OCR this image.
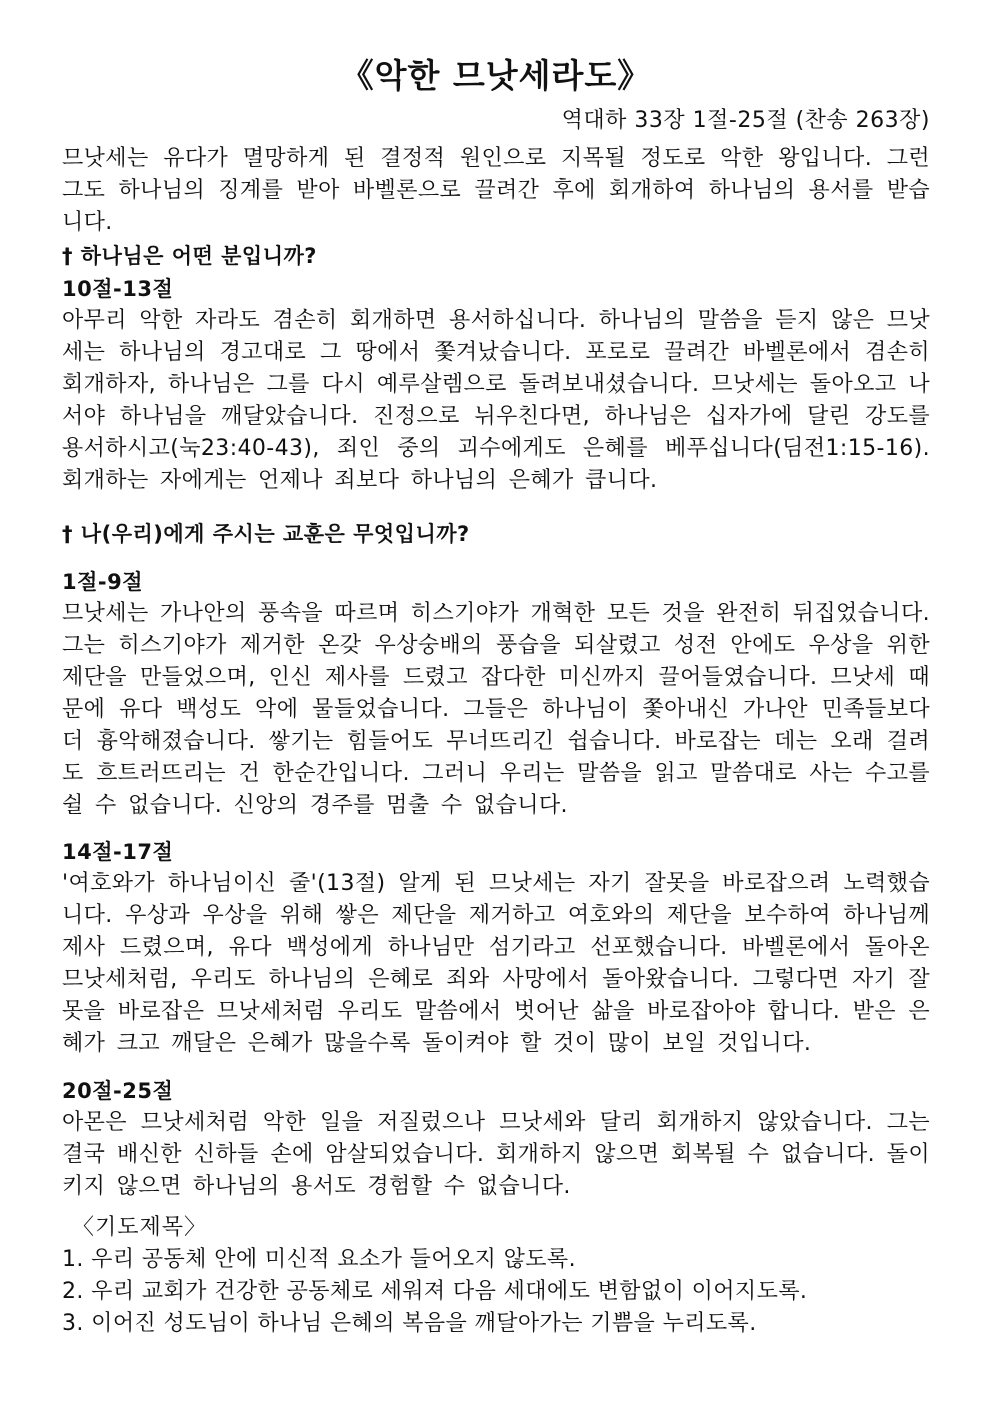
《악한 므낫세라도》
역대하 33장 1절-25절 (찬송 263장)

므낫세는 유다가 멸망하게 된 결정적 원인으로 지목될 정도로 악한 왕입니다. 그런 그도 하나님의 징계를 받아 바벨론으로 끌려간 후에 회개하여 하나님의 용서를 받습니다.

† 하나님은 어떤 분입니까?

10절-13절

아무리 악한 자라도 겸손히 회개하면 용서하십니다. 하나님의 말씀을 듣지 않은 므낫세는 하나님의 경고대로 그 땅에서 쫓겨났습니다. 포로로 끌려간 바벨론에서 겸손히 회개하자, 하나님은 그를 다시 예루살렘으로 돌려보내셨습니다. 므낫세는 돌아오고 나서야 하나님을 깨달았습니다. 진정으로 뉘우친다면, 하나님은 십자가에 달린 강도를 용서하시고(눅23:40-43), 죄인 중의 괴수에게도 은혜를 베푸십니다(딤전1:15-16). 회개하는 자에게는 언제나 죄보다 하나님의 은혜가 큽니다.

† 나(우리)에게 주시는 교훈은 무엇입니까?

1절-9절

므낫세는 가나안의 풍속을 따르며 히스기야가 개혁한 모든 것을 완전히 뒤집었습니다. 그는 히스기야가 제거한 온갖 우상숭배의 풍습을 되살렸고 성전 안에도 우상을 위한 제단을 만들었으며, 인신 제사를 드렸고 잡다한 미신까지 끌어들였습니다. 므낫세 때문에 유다 백성도 악에 물들었습니다. 그들은 하나님이 쫓아내신 가나안 민족들보다 더 흉악해졌습니다. 쌓기는 힘들어도 무너뜨리긴 쉽습니다. 바로잡는 데는 오래 걸려도 흐트러뜨리는 건 한순간입니다. 그러니 우리는 말씀을 읽고 말씀대로 사는 수고를 쉴 수 없습니다. 신앙의 경주를 멈출 수 없습니다.

14절-17절

'여호와가 하나님이신 줄'(13절) 알게 된 므낫세는 자기 잘못을 바로잡으려 노력했습니다. 우상과 우상을 위해 쌓은 제단을 제거하고 여호와의 제단을 보수하여 하나님께 제사 드렸으며, 유다 백성에게 하나님만 섬기라고 선포했습니다. 바벨론에서 돌아온 므낫세처럼, 우리도 하나님의 은혜로 죄와 사망에서 돌아왔습니다. 그렇다면 자기 잘못을 바로잡은 므낫세처럼 우리도 말씀에서 벗어난 삶을 바로잡아야 합니다. 받은 은혜가 크고 깨달은 은혜가 많을수록 돌이켜야 할 것이 많이 보일 것입니다.

20절-25절

아몬은 므낫세처럼 악한 일을 저질렀으나 므낫세와 달리 회개하지 않았습니다. 그는 결국 배신한 신하들 손에 암살되었습니다. 회개하지 않으면 회복될 수 없습니다. 돌이키지 않으면 하나님의 용서도 경험할 수 없습니다.

〈기도제목〉

1. 우리 공동체 안에 미신적 요소가 들어오지 않도록.

2. 우리 교회가 건강한 공동체로 세워져 다음 세대에도 변함없이 이어지도록.

3. 이어진 성도님이 하나님 은혜의 복음을 깨달아가는 기쁨을 누리도록.
